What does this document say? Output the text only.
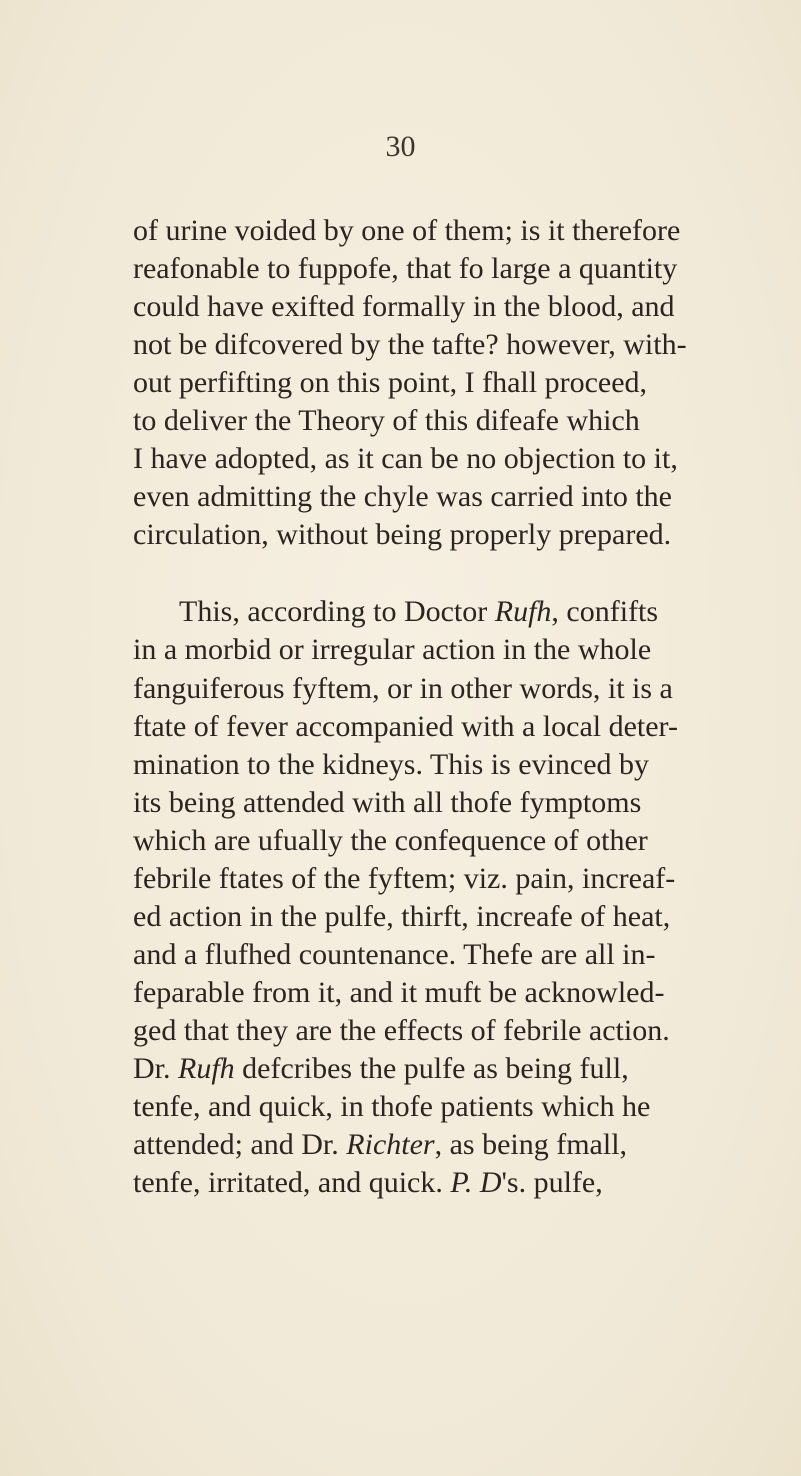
30
of urine voided by one of them; is it therefore
reafonable to fuppofe, that fo large a quantity
could have exifted formally in the blood, and
not be difcovered by the tafte? however, with-
out perfifting on this point, I fhall proceed,
to deliver the Theory of this difeafe which
I have adopted, as it can be no objection to it,
even admitting the chyle was carried into the
circulation, without being properly prepared.
This, according to Doctor Rufh, confifts
in a morbid or irregular action in the whole
fanguiferous fyftem, or in other words, it is a
ftate of fever accompanied with a local deter-
mination to the kidneys. This is evinced by
its being attended with all thofe fymptoms
which are ufually the confequence of other
febrile ftates of the fyftem; viz. pain, increaf-
ed action in the pulfe, thirft, increafe of heat,
and a flufhed countenance. Thefe are all in-
feparable from it, and it muft be acknowled-
ged that they are the effects of febrile action.
Dr. Rufh defcribes the pulfe as being full,
tenfe, and quick, in thofe patients which he
attended; and Dr. Richter, as being fmall,
tenfe, irritated, and quick. P. D's. pulfe,
